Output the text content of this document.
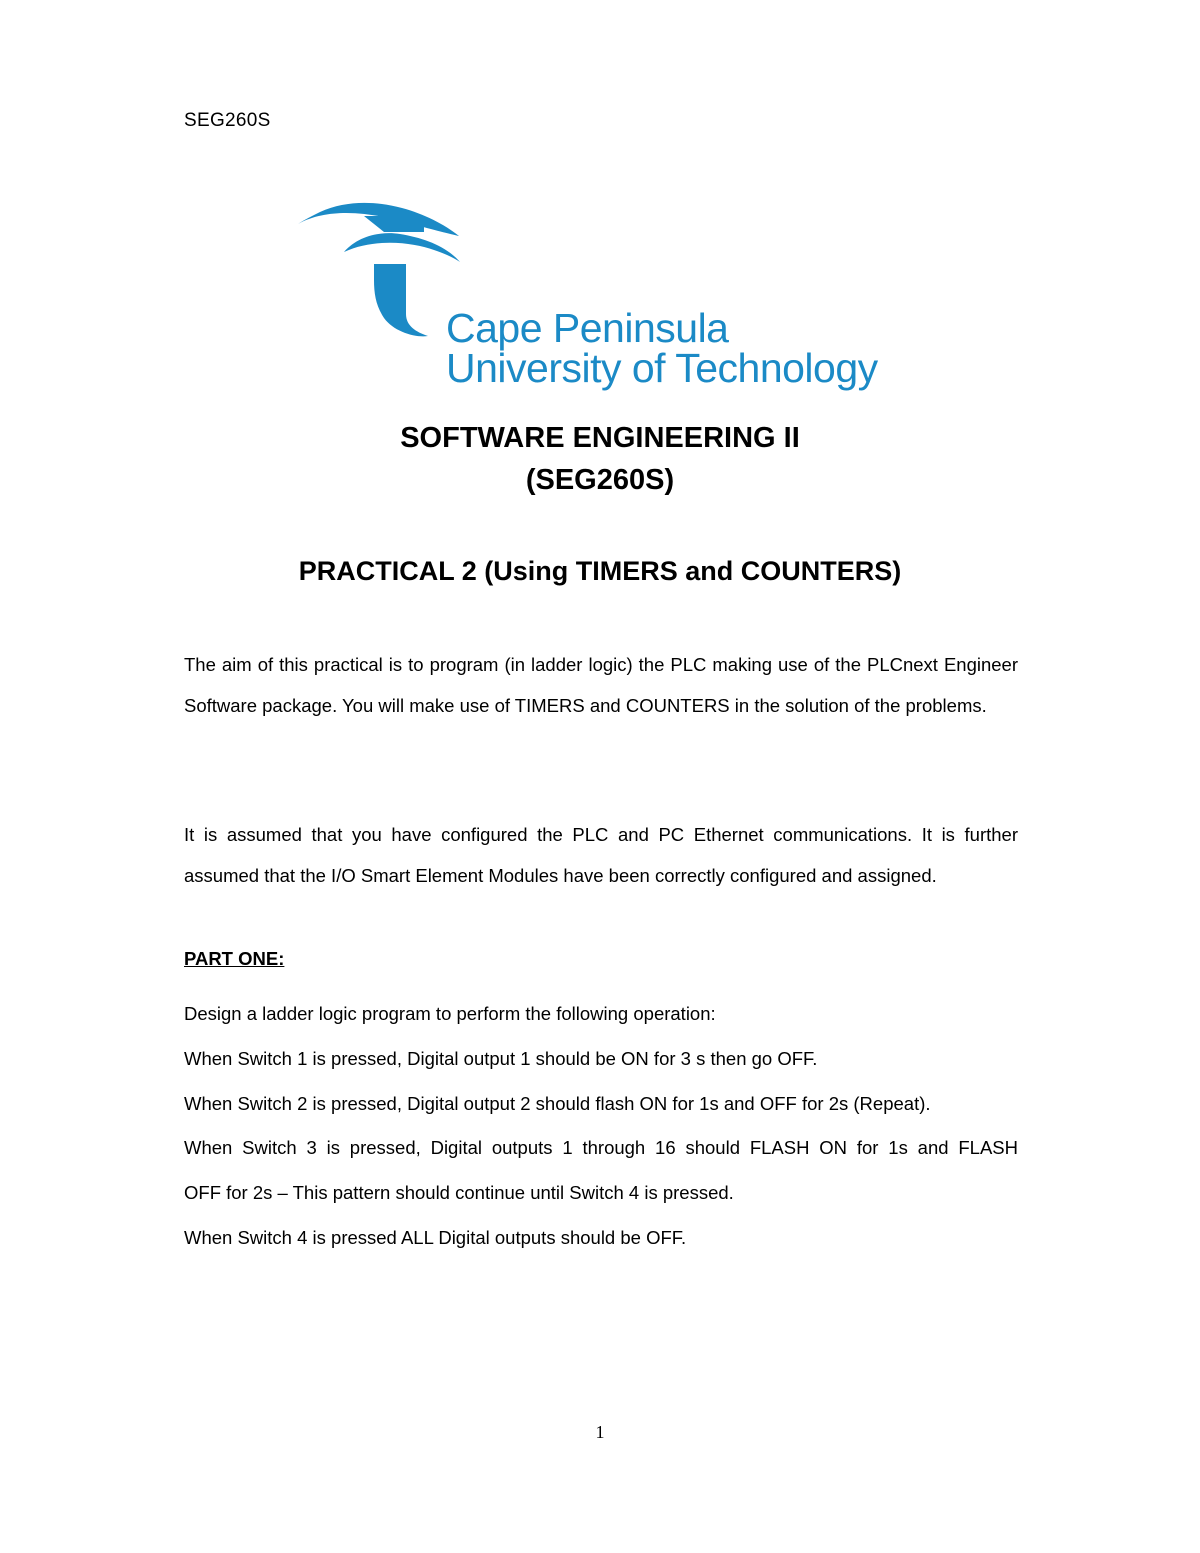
SEG260S
Cape Peninsula
University of Technology
SOFTWARE ENGINEERING II
(SEG260S)
PRACTICAL 2 (Using TIMERS and COUNTERS)
The aim of this practical is to program (in ladder logic) the PLC making use of the PLCnext Engineer Software package. You will make use of TIMERS and COUNTERS in the solution of the problems.
It is assumed that you have configured the PLC and PC Ethernet communications. It is further assumed that the I/O Smart Element Modules have been correctly configured and assigned.
PART ONE:

Design a ladder logic program to perform the following operation:

When Switch 1 is pressed, Digital output 1 should be ON for 3 s then go OFF.

When Switch 2 is pressed, Digital output 2 should flash ON for 1s and OFF for 2s (Repeat).

When Switch 3 is pressed, Digital outputs 1 through 16 should FLASH ON for 1s and FLASH

OFF for 2s – This pattern should continue until Switch 4 is pressed.

When Switch 4 is pressed ALL Digital outputs should be OFF.

1
